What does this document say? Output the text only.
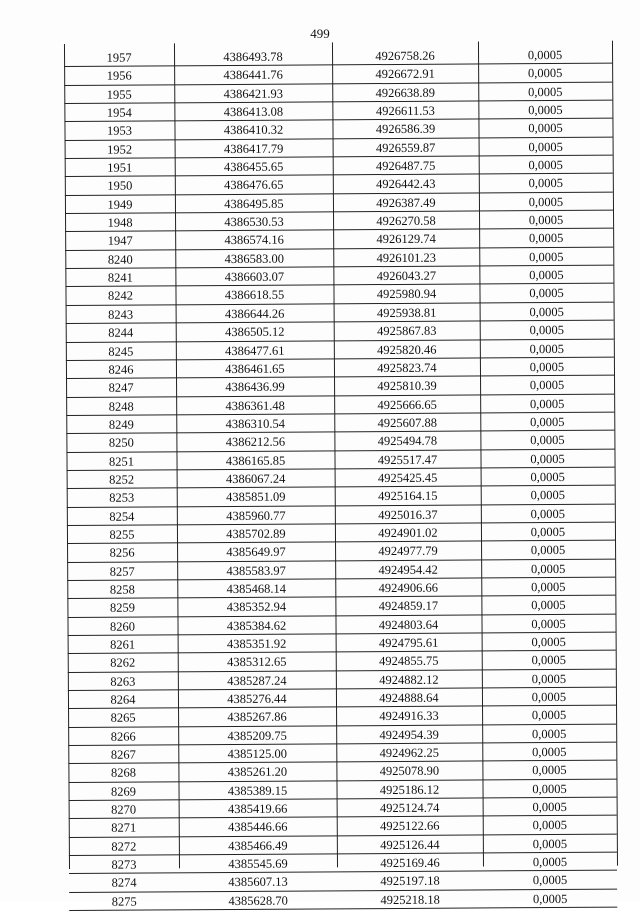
499
1957	4386493.78	4926758.26	0,0005
1956	4386441.76	4926672.91	0,0005
1955	4386421.93	4926638.89	0,0005
1954	4386413.08	4926611.53	0,0005
1953	4386410.32	4926586.39	0,0005
1952	4386417.79	4926559.87	0,0005
1951	4386455.65	4926487.75	0,0005
1950	4386476.65	4926442.43	0,0005
1949	4386495.85	4926387.49	0,0005
1948	4386530.53	4926270.58	0,0005
1947	4386574.16	4926129.74	0,0005
8240	4386583.00	4926101.23	0,0005
8241	4386603.07	4926043.27	0,0005
8242	4386618.55	4925980.94	0,0005
8243	4386644.26	4925938.81	0,0005
8244	4386505.12	4925867.83	0,0005
8245	4386477.61	4925820.46	0,0005
8246	4386461.65	4925823.74	0,0005
8247	4386436.99	4925810.39	0,0005
8248	4386361.48	4925666.65	0,0005
8249	4386310.54	4925607.88	0,0005
8250	4386212.56	4925494.78	0,0005
8251	4386165.85	4925517.47	0,0005
8252	4386067.24	4925425.45	0,0005
8253	4385851.09	4925164.15	0,0005
8254	4385960.77	4925016.37	0,0005
8255	4385702.89	4924901.02	0,0005
8256	4385649.97	4924977.79	0,0005
8257	4385583.97	4924954.42	0,0005
8258	4385468.14	4924906.66	0,0005
8259	4385352.94	4924859.17	0,0005
8260	4385384.62	4924803.64	0,0005
8261	4385351.92	4924795.61	0,0005
8262	4385312.65	4924855.75	0,0005
8263	4385287.24	4924882.12	0,0005
8264	4385276.44	4924888.64	0,0005
8265	4385267.86	4924916.33	0,0005
8266	4385209.75	4924954.39	0,0005
8267	4385125.00	4924962.25	0,0005
8268	4385261.20	4925078.90	0,0005
8269	4385389.15	4925186.12	0,0005
8270	4385419.66	4925124.74	0,0005
8271	4385446.66	4925122.66	0,0005
8272	4385466.49	4925126.44	0,0005
8273	4385545.69	4925169.46	0,0005
8274	4385607.13	4925197.18	0,0005
8275	4385628.70	4925218.18	0,0005
